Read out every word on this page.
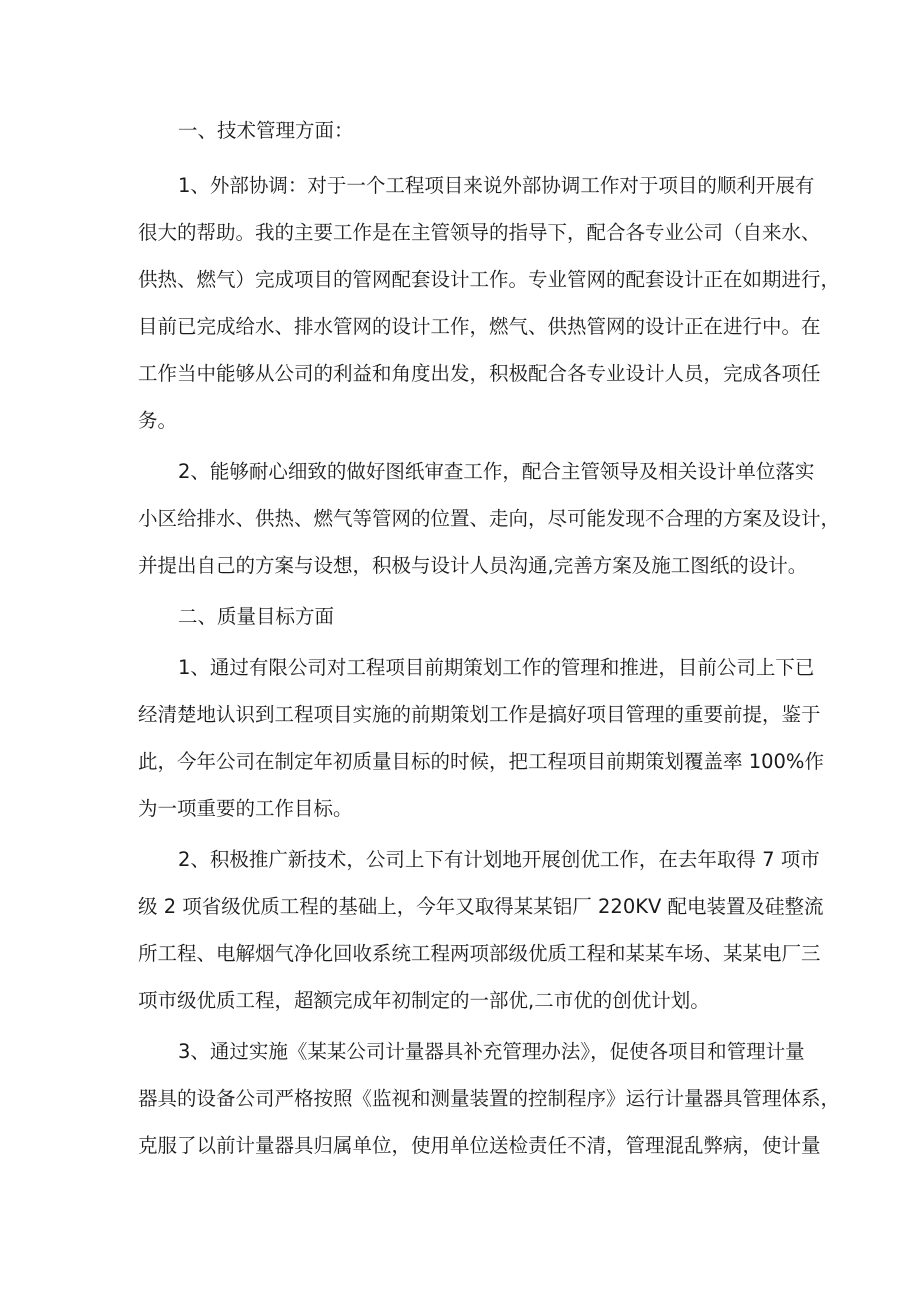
一、技术管理方面：
1、外部协调：对于一个工程项目来说外部协调工作对于项目的顺利开展有
很大的帮助。我的主要工作是在主管领导的指导下，配合各专业公司（自来水、
供热、燃气）完成项目的管网配套设计工作。专业管网的配套设计正在如期进行，
目前已完成给水、排水管网的设计工作，燃气、供热管网的设计正在进行中。在
工作当中能够从公司的利益和角度出发，积极配合各专业设计人员，完成各项任
务。
2、能够耐心细致的做好图纸审查工作，配合主管领导及相关设计单位落实
小区给排水、供热、燃气等管网的位置、走向，尽可能发现不合理的方案及设计，
并提出自己的方案与设想，积极与设计人员沟通,完善方案及施工图纸的设计。
二、质量目标方面
1、通过有限公司对工程项目前期策划工作的管理和推进，目前公司上下已
经清楚地认识到工程项目实施的前期策划工作是搞好项目管理的重要前提，鉴于
此，今年公司在制定年初质量目标的时候，把工程项目前期策划覆盖率 100%作
为一项重要的工作目标。
2、积极推广新技术，公司上下有计划地开展创优工作，在去年取得 7 项市
级 2 项省级优质工程的基础上，今年又取得某某铝厂 220KV 配电装置及硅整流
所工程、电解烟气净化回收系统工程两项部级优质工程和某某车场、某某电厂三
项市级优质工程，超额完成年初制定的一部优,二市优的创优计划。
3、通过实施《某某公司计量器具补充管理办法》，促使各项目和管理计量
器具的设备公司严格按照《监视和测量装置的控制程序》运行计量器具管理体系，
克服了以前计量器具归属单位，使用单位送检责任不清，管理混乱弊病，使计量
